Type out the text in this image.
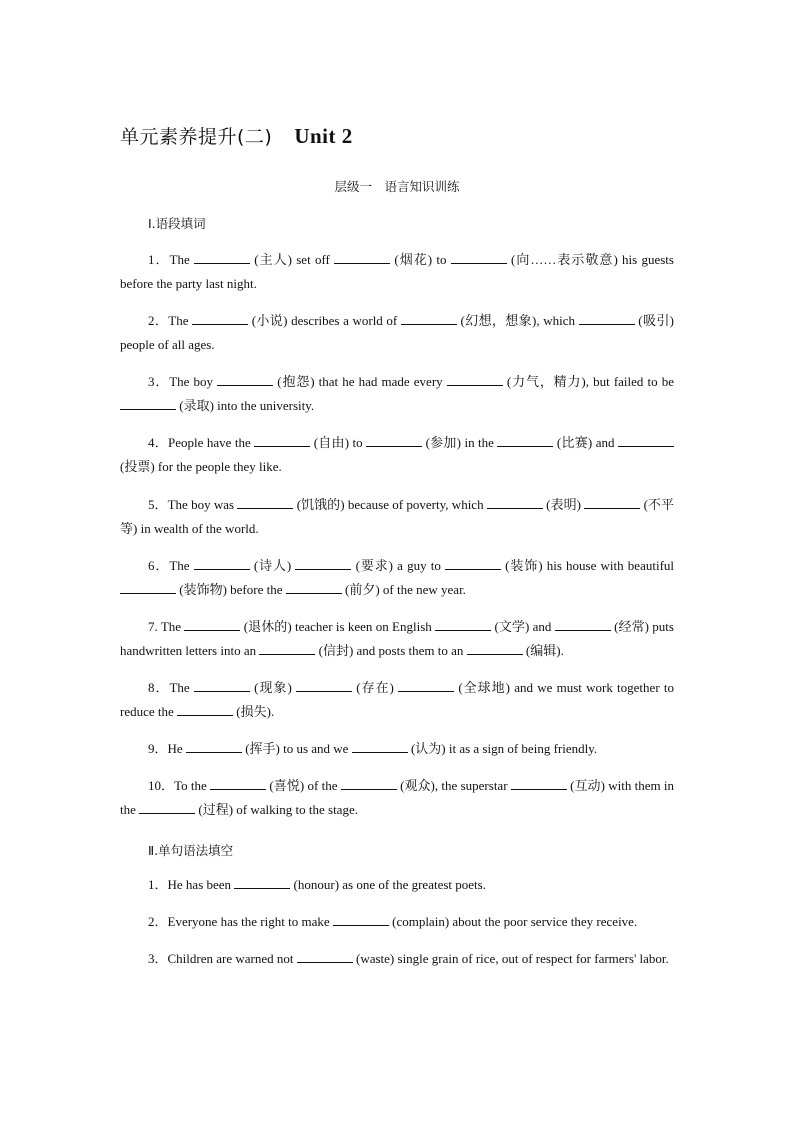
单元素养提升(二) Unit 2
层级一　语言知识训练
Ⅰ.语段填词
Ⅱ.单句语法填空
1．The	(主人) set off	(烟花) to	(向……表示敬意) his guests before the party last night.
2．The	(小说) describes a world of	(幻想，想象), which	(吸引) people of all ages.
3．The boy	(抱怨) that he had made every	(力气，精力), but failed to be  (录取) into the university.
4．People have the	(自由) to	(参加) in the	(比赛) and  (投票) for the people they like.
5．The boy was	(饥饿的) because of poverty, which	(表明)	(不平等) in wealth of the world.
6．The	(诗人)	(要求) a guy to	(装饰) his house with beautiful  (装饰物) before the	(前夕) of the new year.
7. The	(退休的) teacher is keen on English	(文学) and	(经常) puts handwritten letters into an	(信封) and posts them to an	(编辑).
8．The	(现象)	(存在)	(全球地) and we must work together to reduce the	(损失).
9．He	(挥手) to us and we	(认为) it as a sign of being friendly.
10．To the	(喜悦) of the	(观众), the superstar	(互动) with them in the	(过程) of walking to the stage.
1．He has been	(honour) as one of the greatest poets.
2．Everyone has the right to make	(complain) about the poor service they receive.
3．Children are warned not	(waste) single grain of rice, out of respect for farmers' labor.
